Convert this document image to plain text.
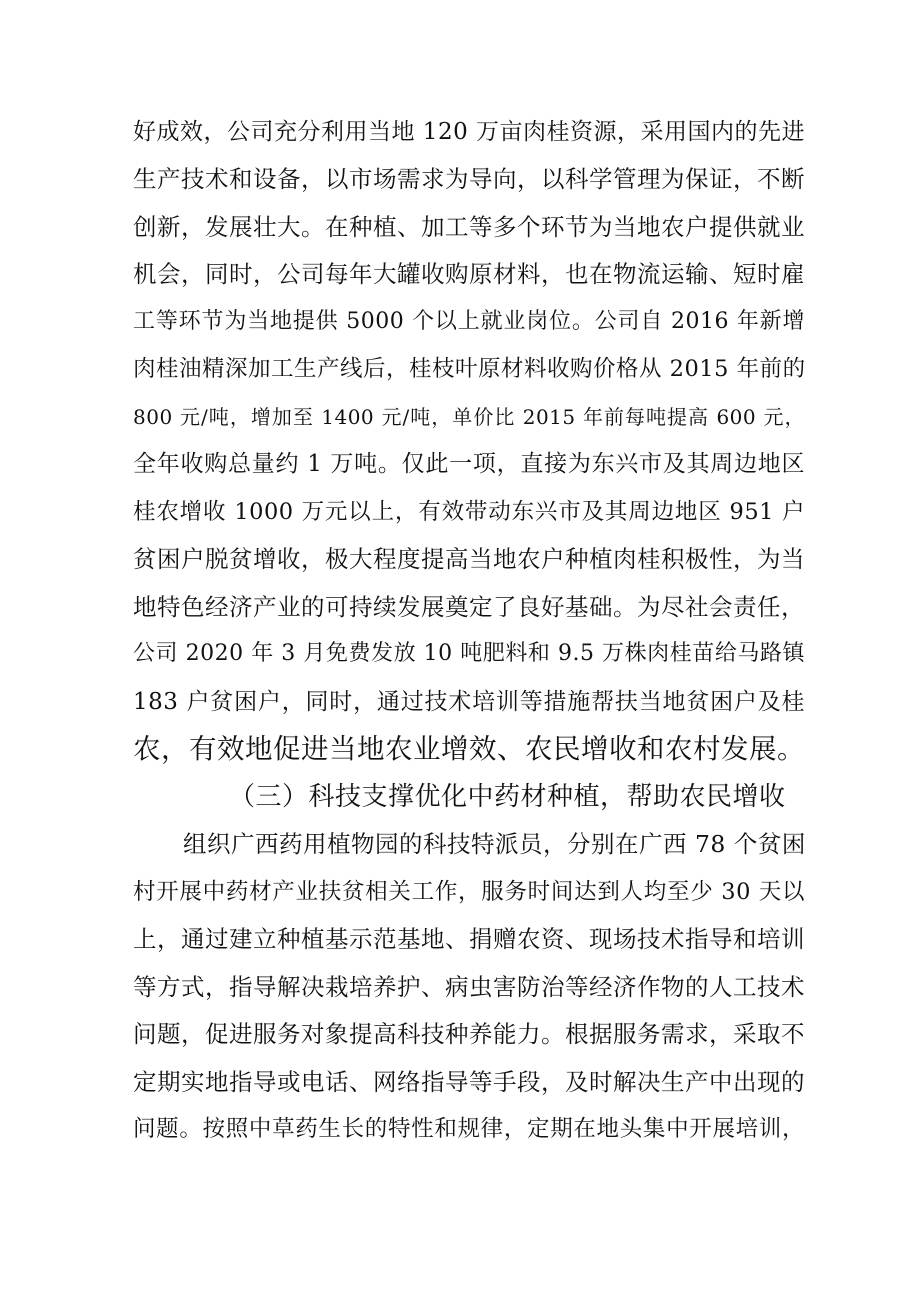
好成效，公司充分利用当地 120 万亩肉桂资源，采用国内的先进
生产技术和设备，以市场需求为导向，以科学管理为保证，不断
创新，发展壮大。在种植、加工等多个环节为当地农户提供就业
机会，同时，公司每年大罐收购原材料，也在物流运输、短时雇
工等环节为当地提供 5000 个以上就业岗位。公司自 2016 年新增
肉桂油精深加工生产线后，桂枝叶原材料收购价格从 2015 年前的
800 元/吨，增加至 1400 元/吨，单价比 2015 年前每吨提高 600 元，
全年收购总量约 1 万吨。仅此一项，直接为东兴市及其周边地区
桂农增收 1000 万元以上，有效带动东兴市及其周边地区 951 户
贫困户脱贫增收，极大程度提高当地农户种植肉桂积极性，为当
地特色经济产业的可持续发展奠定了良好基础。为尽社会责任，
公司 2020 年 3 月免费发放 10 吨肥料和 9.5 万株肉桂苗给马路镇
183 户贫困户，同时，通过技术培训等措施帮扶当地贫困户及桂
农，有效地促进当地农业增效、农民增收和农村发展。
（三）科技支撑优化中药材种植，帮助农民增收
组织广西药用植物园的科技特派员，分别在广西 78 个贫困
村开展中药材产业扶贫相关工作，服务时间达到人均至少 30 天以
上，通过建立种植基示范基地、捐赠农资、现场技术指导和培训
等方式，指导解决栽培养护、病虫害防治等经济作物的人工技术
问题，促进服务对象提高科技种养能力。根据服务需求，采取不
定期实地指导或电话、网络指导等手段，及时解决生产中出现的
问题。按照中草药生长的特性和规律，定期在地头集中开展培训，
